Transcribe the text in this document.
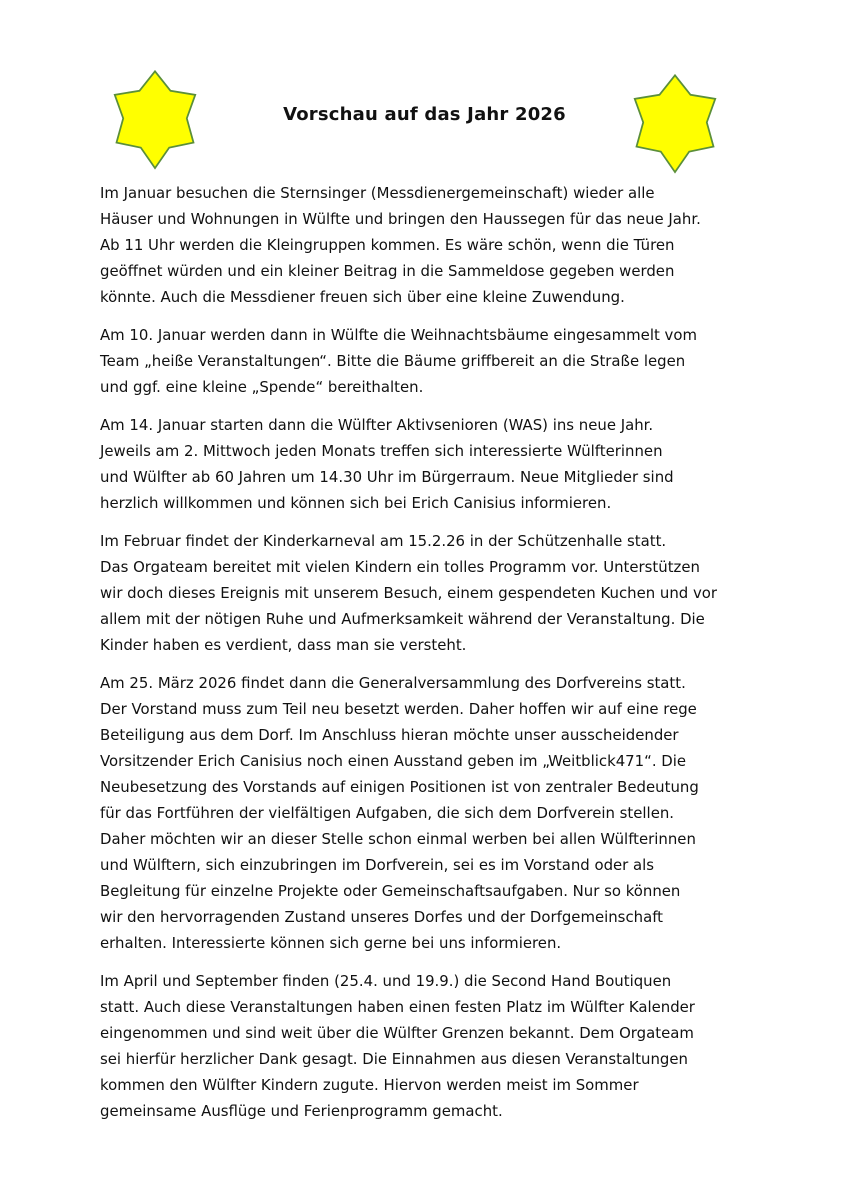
Vorschau auf das Jahr 2026

Im Januar besuchen die Sternsinger (Messdienergemeinschaft) wieder alle
Häuser und Wohnungen in Wülfte und bringen den Haussegen für das neue Jahr.
Ab 11 Uhr werden die Kleingruppen kommen. Es wäre schön, wenn die Türen
geöffnet würden und ein kleiner Beitrag in die Sammeldose gegeben werden
könnte. Auch die Messdiener freuen sich über eine kleine Zuwendung.

Am 10. Januar werden dann in Wülfte die Weihnachtsbäume eingesammelt vom
Team „heiße Veranstaltungen“. Bitte die Bäume griffbereit an die Straße legen
und ggf. eine kleine „Spende“ bereithalten.

Am 14. Januar starten dann die Wülfter Aktivsenioren (WAS) ins neue Jahr.
Jeweils am 2. Mittwoch jeden Monats treffen sich interessierte Wülfterinnen
und Wülfter ab 60 Jahren um 14.30 Uhr im Bürgerraum. Neue Mitglieder sind
herzlich willkommen und können sich bei Erich Canisius informieren.

Im Februar findet der Kinderkarneval am 15.2.26 in der Schützenhalle statt.
Das Orgateam bereitet mit vielen Kindern ein tolles Programm vor. Unterstützen
wir doch dieses Ereignis mit unserem Besuch, einem gespendeten Kuchen und vor
allem mit der nötigen Ruhe und Aufmerksamkeit während der Veranstaltung. Die
Kinder haben es verdient, dass man sie versteht.

Am 25. März 2026 findet dann die Generalversammlung des Dorfvereins statt.
Der Vorstand muss zum Teil neu besetzt werden. Daher hoffen wir auf eine rege
Beteiligung aus dem Dorf. Im Anschluss hieran möchte unser ausscheidender
Vorsitzender Erich Canisius noch einen Ausstand geben im „Weitblick471“. Die
Neubesetzung des Vorstands auf einigen Positionen ist von zentraler Bedeutung
für das Fortführen der vielfältigen Aufgaben, die sich dem Dorfverein stellen.
Daher möchten wir an dieser Stelle schon einmal werben bei allen Wülfterinnen
und Wülftern, sich einzubringen im Dorfverein, sei es im Vorstand oder als
Begleitung für einzelne Projekte oder Gemeinschaftsaufgaben. Nur so können
wir den hervorragenden Zustand unseres Dorfes und der Dorfgemeinschaft
erhalten. Interessierte können sich gerne bei uns informieren.

Im April und September finden (25.4. und 19.9.) die Second Hand Boutiquen
statt. Auch diese Veranstaltungen haben einen festen Platz im Wülfter Kalender
eingenommen und sind weit über die Wülfter Grenzen bekannt. Dem Orgateam
sei hierfür herzlicher Dank gesagt. Die Einnahmen aus diesen Veranstaltungen
kommen den Wülfter Kindern zugute. Hiervon werden meist im Sommer
gemeinsame Ausflüge und Ferienprogramm gemacht.
